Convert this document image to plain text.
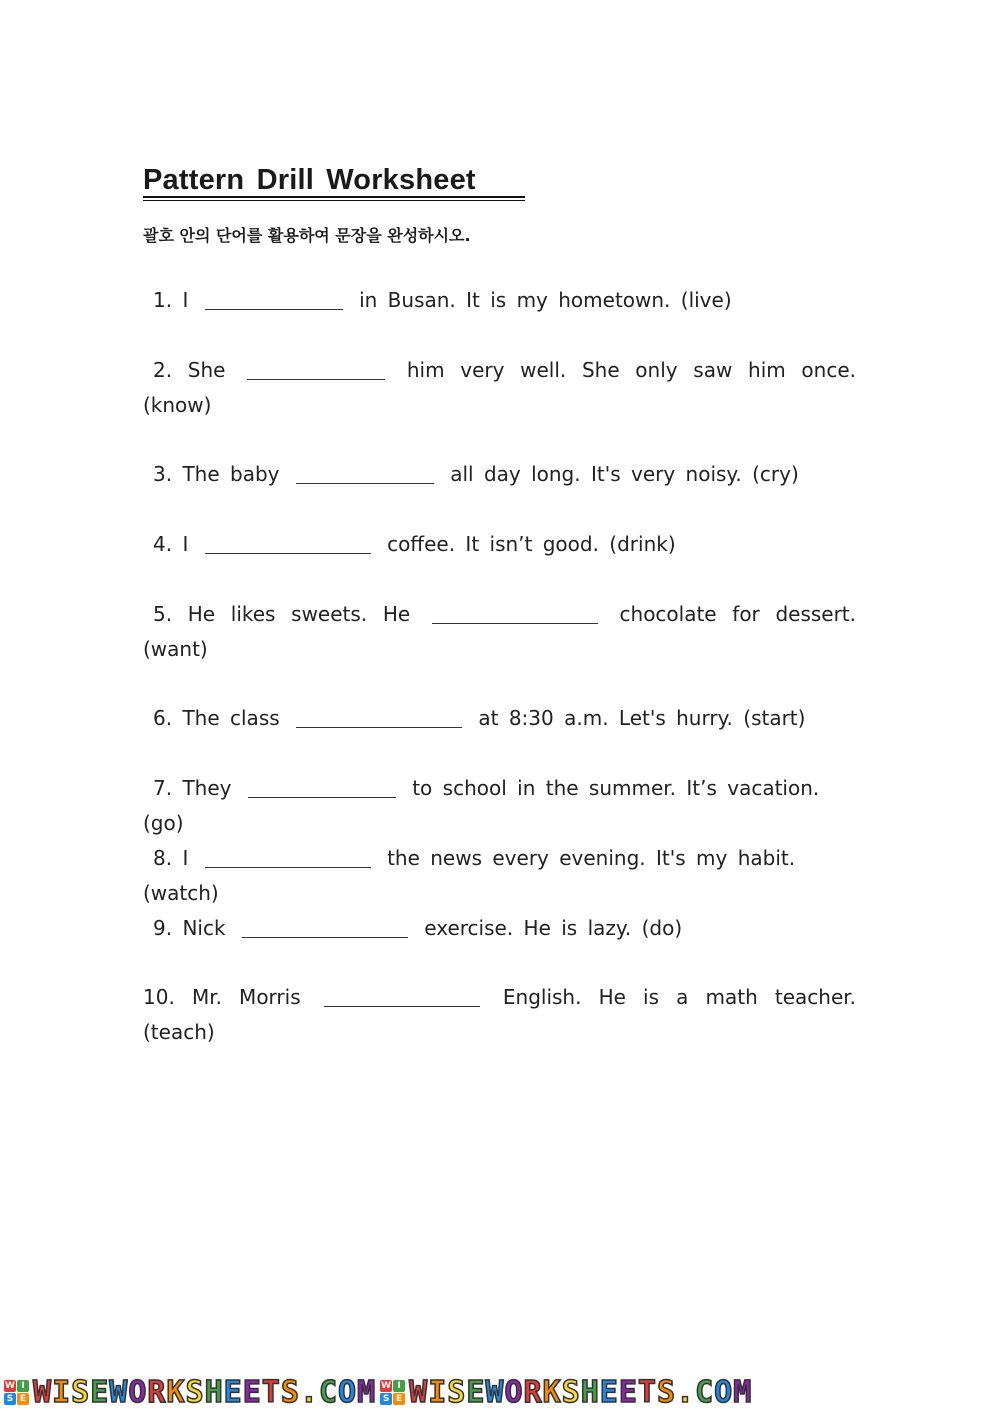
Pattern Drill Worksheet
괄호 안의 단어를 활용하여 문장을 완성하시오.
1. I	in Busan. It is my hometown. (live)
2. She	him very well. She only saw him once. (know)
3. The baby	all day long. It's very noisy. (cry)
4. I	coffee. It isn’t good. (drink)
5. He likes sweets. He	chocolate for dessert. (want)
6. The class	at 8:30 a.m. Let's hurry. (start)
7. They	to school in the summer. It’s vacation. (go)
8. I	the news every evening. It's my habit. (watch)
9. Nick	exercise. He is lazy. (do)
10. Mr. Morris	English. He is a math teacher. (teach)
W I
S E WISEWORKSHEETS.COM W I
S E WISEWORKSHEETS.COM
